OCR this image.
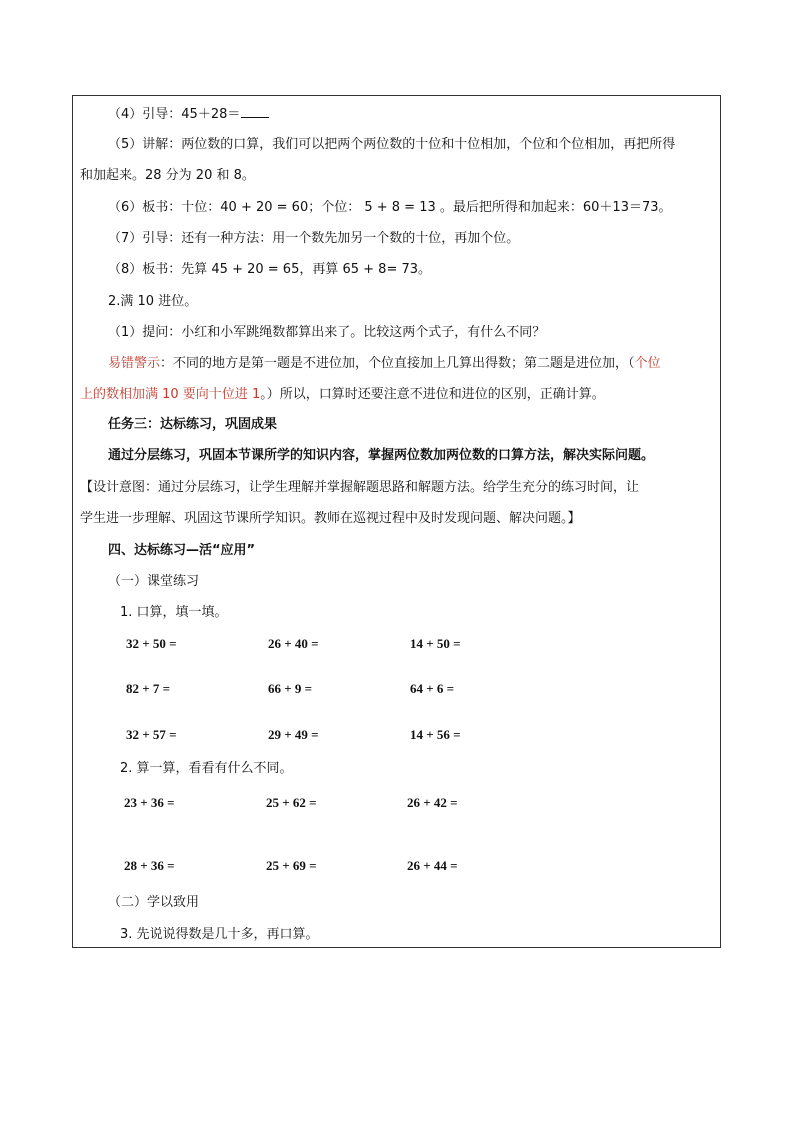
（4）引导：45＋28＝
（5）讲解：两位数的口算，我们可以把两个两位数的十位和十位相加，个位和个位相加，再把所得
和加起来。28 分为 20 和 8。
（6）板书：十位：40 + 20 = 60；个位： 5 + 8 = 13 。最后把所得和加起来：60＋13＝73。
（7）引导：还有一种方法：用一个数先加另一个数的十位，再加个位。
（8）板书：先算 45 + 20 = 65，再算 65 + 8= 73。
2.满 10 进位。
（1）提问：小红和小军跳绳数都算出来了。比较这两个式子，有什么不同？
易错警示：不同的地方是第一题是不进位加，个位直接加上几算出得数；第二题是进位加，（个位
上的数相加满 10 要向十位进 1。）所以，口算时还要注意不进位和进位的区别，正确计算。
任务三：达标练习，巩固成果
通过分层练习，巩固本节课所学的知识内容，掌握两位数加两位数的口算方法，解决实际问题。
【设计意图：通过分层练习，让学生理解并掌握解题思路和解题方法。给学生充分的练习时间，让
学生进一步理解、巩固这节课所学知识。教师在巡视过程中及时发现问题、解决问题。】
四、达标练习—活“应用”
（一）课堂练习
1. 口算，填一填。
32 + 50 =	26 + 40 =	14 + 50 =
82 + 7 =	66 + 9 =	64 + 6 =
32 + 57 =	29 + 49 =	14 + 56 =
2. 算一算，看看有什么不同。
23 + 36 =	25 + 62 =	26 + 42 =
28 + 36 =	25 + 69 =	26 + 44 =
（二）学以致用
3. 先说说得数是几十多，再口算。
